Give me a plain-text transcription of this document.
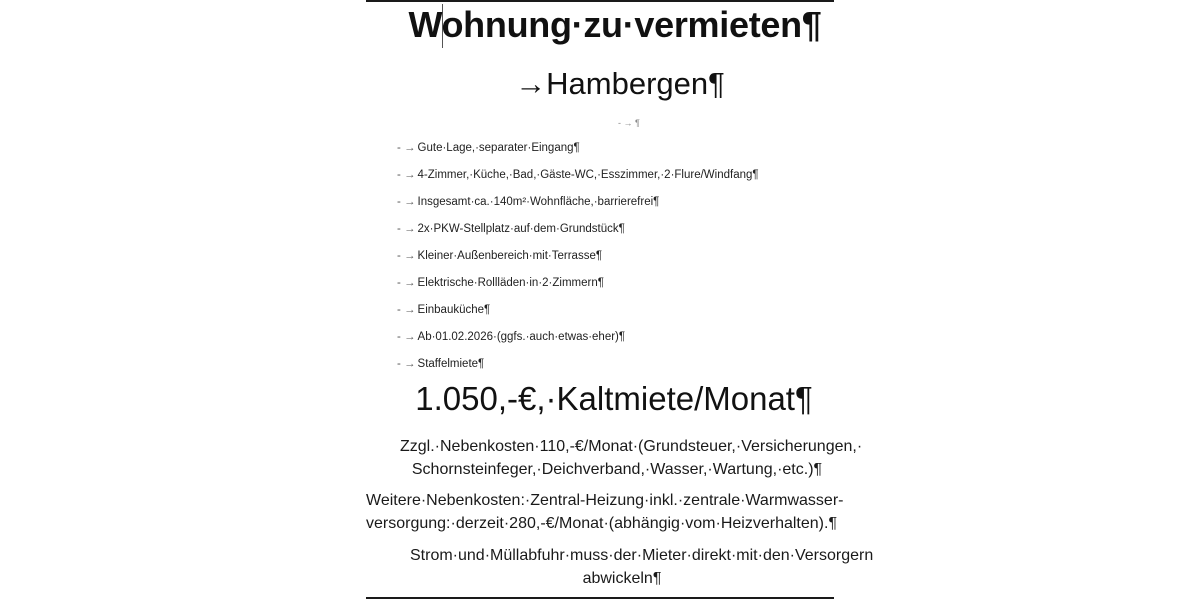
Wohnung·zu·vermieten¶
→Hambergen¶
- → ¶
- → Gute·Lage,·separater·Eingang¶
- → 4-Zimmer,·Küche,·Bad,·Gäste-WC,·Esszimmer,·2·Flure/Windfang¶
- → Insgesamt·ca.·140m²·Wohnfläche,·barrierefrei¶
- → 2x·PKW-Stellplatz·auf·dem·Grundstück¶
- → Kleiner·Außenbereich·mit·Terrasse¶
- → Elektrische·Rollläden·in·2·Zimmern¶
- → Einbauküche¶
- → Ab·01.02.2026·(ggfs.·auch·etwas·eher)¶
- → Staffelmiete¶
1.050,-€,·Kaltmiete/Monat¶
Zzgl.·Nebenkosten·110,-€/Monat·(Grundsteuer,·Versicherungen,·
Schornsteinfeger,·Deichverband,·Wasser,·Wartung,·etc.)¶
Weitere·Nebenkosten:·Zentral-Heizung·inkl.·zentrale·Warmwasser-
versorgung:·derzeit·280,-€/Monat·(abhängig·vom·Heizverhalten).¶
Strom·und·Müllabfuhr·muss·der·Mieter·direkt·mit·den·Versorgern
abwickeln¶
